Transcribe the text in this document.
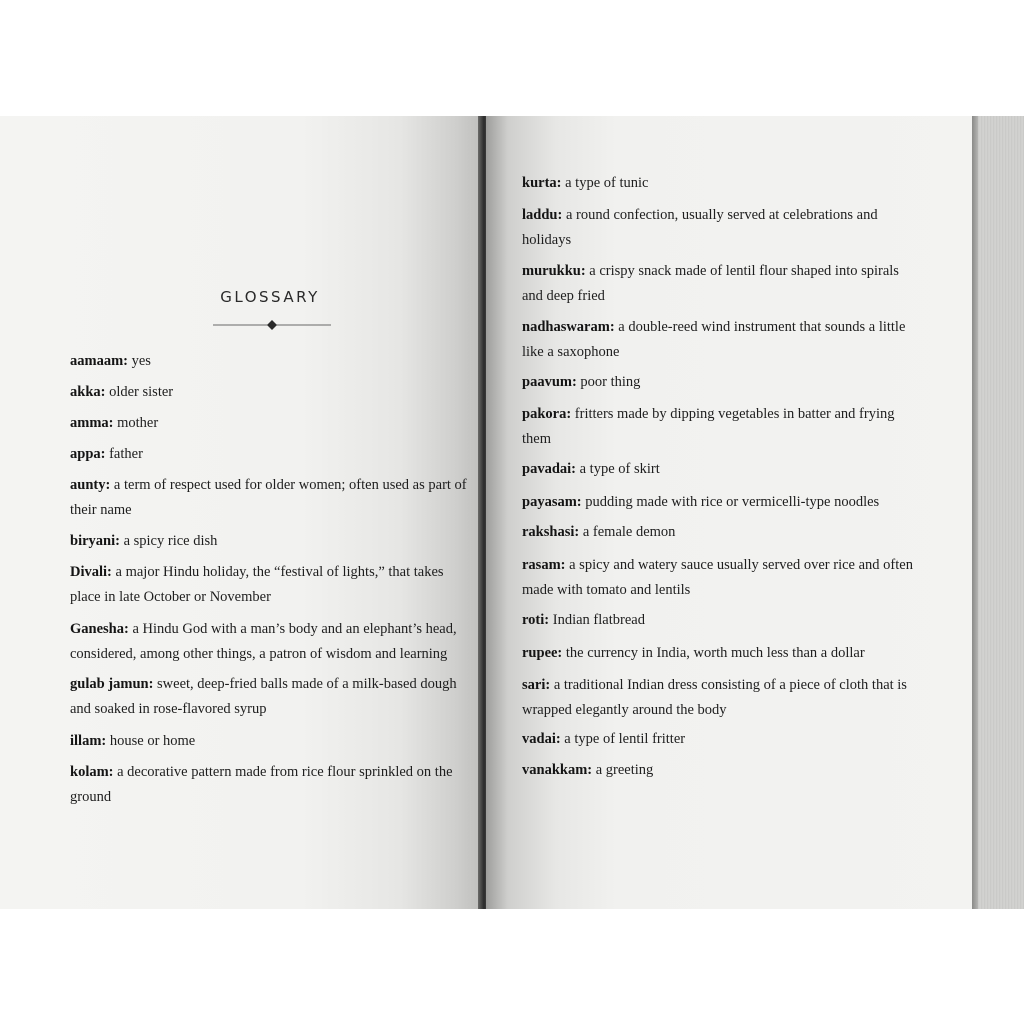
GLOSSARY

aamaam: yes

akka: older sister

amma: mother

appa: father

aunty: a term of respect used for older women; often used as part of their name

biryani: a spicy rice dish

Divali: a major Hindu holiday, the “festival of lights,” that takes place in late October or November

Ganesha: a Hindu God with a man’s body and an elephant’s head, considered, among other things, a patron of wisdom and learning

gulab jamun: sweet, deep-fried balls made of a milk-based dough and soaked in rose-flavored syrup

illam: house or home

kolam: a decorative pattern made from rice flour sprinkled on the ground

kurta: a type of tunic

laddu: a round confection, usually served at celebrations and holidays

murukku: a crispy snack made of lentil flour shaped into spirals and deep fried

nadhaswaram: a double-reed wind instrument that sounds a little like a saxophone

paavum: poor thing

pakora: fritters made by dipping vegetables in batter and frying them

pavadai: a type of skirt

payasam: pudding made with rice or vermicelli-type noodles

rakshasi: a female demon

rasam: a spicy and watery sauce usually served over rice and often made with tomato and lentils

roti: Indian flatbread

rupee: the currency in India, worth much less than a dollar

sari: a traditional Indian dress consisting of a piece of cloth that is wrapped elegantly around the body

vadai: a type of lentil fritter

vanakkam: a greeting
